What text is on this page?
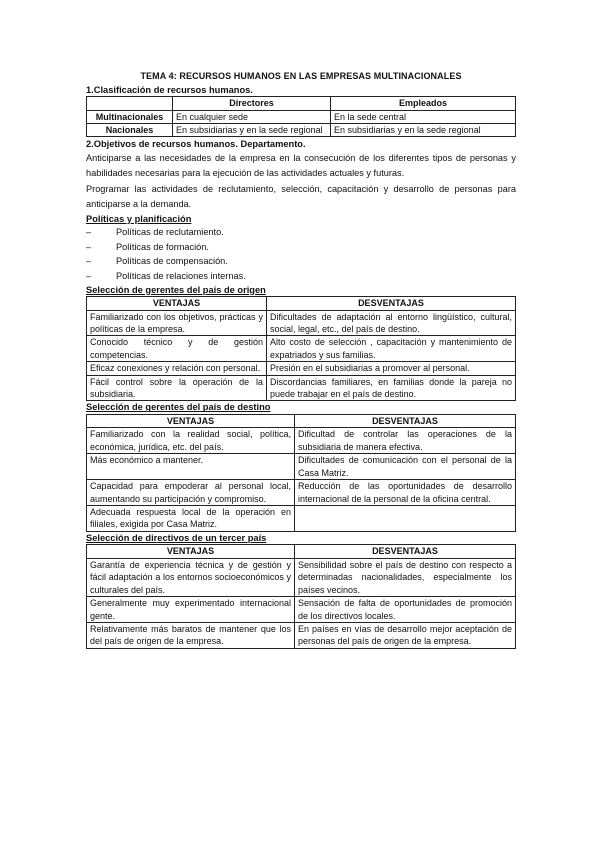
TEMA 4: RECURSOS HUMANOS EN LAS EMPRESAS MULTINACIONALES
1.Clasificación de recursos humanos.
	Directores	Empleados
Multinacionales	En cualquier sede	En la sede central
Nacionales	En subsidiarias y en la sede regional	En subsidiarias y en la sede regional
2.Objetivos de recursos humanos. Departamento.

Anticiparse a las necesidades de la empresa en la consecución de los diferentes tipos de personas y habilidades necesarias para la ejecución de las actividades actuales y futuras.

Programar las actividades de reclutamiento, selección, capacitación y desarrollo de personas para anticiparse a la demanda.

Políticas y planificación
–	Políticas de reclutamiento.
–	Políticas de formación.
–	Políticas de compensación.
–	Políticas de relaciones internas.
Selección de gerentes del país de origen
VENTAJAS	DESVENTAJAS
Familiarizado con los objetivos, prácticas y políticas de la empresa.	Dificultades de adaptación al entorno lingüístico, cultural, social, legal, etc., del país de destino.
Conocido técnico y de gestión competencias.	Alto costo de selección , capacitación y mantenimiento de expatriados y sus familias.
Eficaz conexiones y relación con personal.	Presión en el subsidiarias a promover al personal.
Fácil control sobre la operación de la subsidiaria.	Discordancias familiares, en familias donde la pareja no puede trabajar en el país de destino.
Selección de gerentes del país de destino
VENTAJAS	DESVENTAJAS
Familiarizado con la realidad social, política, económica, jurídica, etc. del país.	Dificultad de controlar las operaciones de la subsidiaria de manera efectiva.
Más económico a mantener.	Dificultades de comunicación con el personal de la Casa Matriz.
Capacidad para empoderar al personal local, aumentando su participación y compromiso.	Reducción de las oportunidades de desarrollo internacional de la personal de la oficina central.
Adecuada respuesta local de la operación en filiales, exigida por Casa Matriz.	
Selección de directivos de un tercer país
VENTAJAS	DESVENTAJAS
Garantía de experiencia técnica y de gestión y fácil adaptación a los entornos socioeconómicos y culturales del país.	Sensibilidad sobre el país de destino con respecto a determinadas nacionalidades, especialmente los países vecinos.
Generalmente muy experimentado internacional gente.	Sensación de falta de oportunidades de promoción de los directivos locales.
Relativamente más baratos de mantener que los del país de origen de la empresa.	En países en vías de desarrollo mejor aceptación de personas del país de origen de la empresa.
